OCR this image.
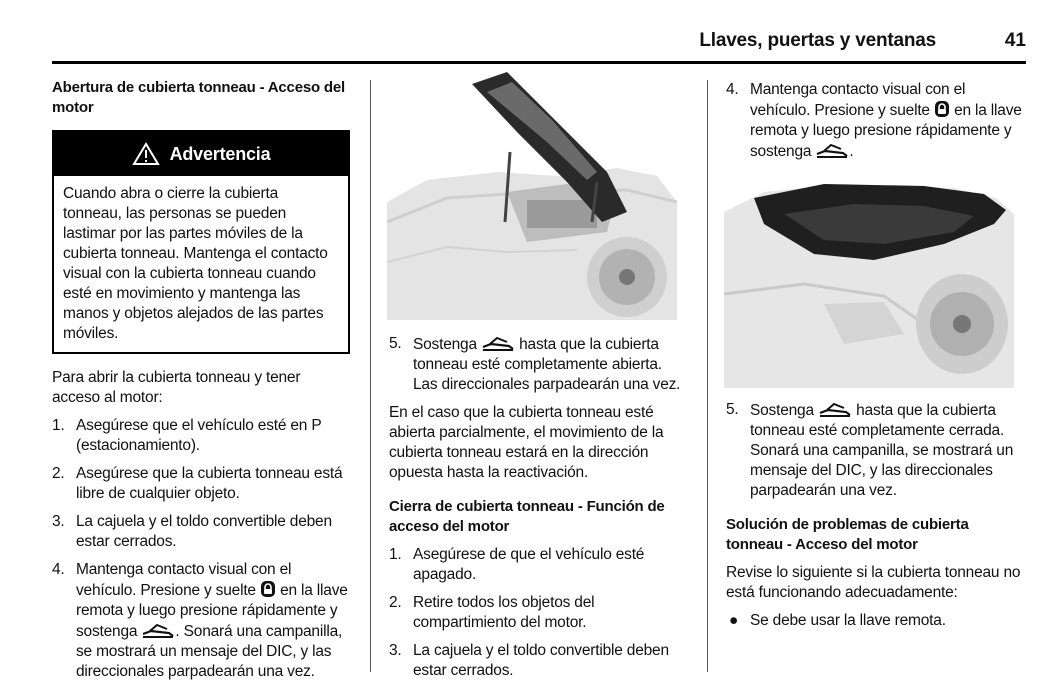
Llaves, puertas y ventanas	41
Abertura de cubierta tonneau - Acceso del motor
Advertencia
Cuando abra o cierre la cubierta tonneau, las personas se pueden lastimar por las partes móviles de la cubierta tonneau. Mantenga el contacto visual con la cubierta tonneau cuando esté en movimiento y mantenga las manos y objetos alejados de las partes móviles.

Para abrir la cubierta tonneau y tener acceso al motor:

1. Asegúrese que el vehículo esté en P (estacionamiento).
2. Asegúrese que la cubierta tonneau está libre de cualquier objeto.
3. La cajuela y el toldo convertible deben estar cerrados.
4. Mantenga contacto visual con el vehículo. Presione y suelte en la llave remota y luego presione rápidamente y sostenga . Sonará una campanilla, se mostrará un mensaje del DIC, y las direccionales parpadearán una vez.
5. Sostenga	hasta que la cubierta tonneau esté completamente abierta. Las direccionales parpadearán una vez.

En el caso que la cubierta tonneau esté abierta parcialmente, el movimiento de la cubierta tonneau estará en la dirección opuesta hasta la reactivación.

Cierra de cubierta tonneau - Función de acceso del motor
1. Asegúrese de que el vehículo esté apagado.
2. Retire todos los objetos del compartimiento del motor.
3. La cajuela y el toldo convertible deben estar cerrados.
4. Mantenga contacto visual con el vehículo. Presione y suelte en la llave remota y luego presione rápidamente y sostenga .
5. Sostenga	hasta que la cubierta tonneau esté completamente cerrada. Sonará una campanilla, se mostrará un mensaje del DIC, y las direccionales parpadearán una vez.
Solución de problemas de cubierta tonneau - Acceso del motor

Revise lo siguiente si la cubierta tonneau no está funcionando adecuadamente:

● Se debe usar la llave remota.
